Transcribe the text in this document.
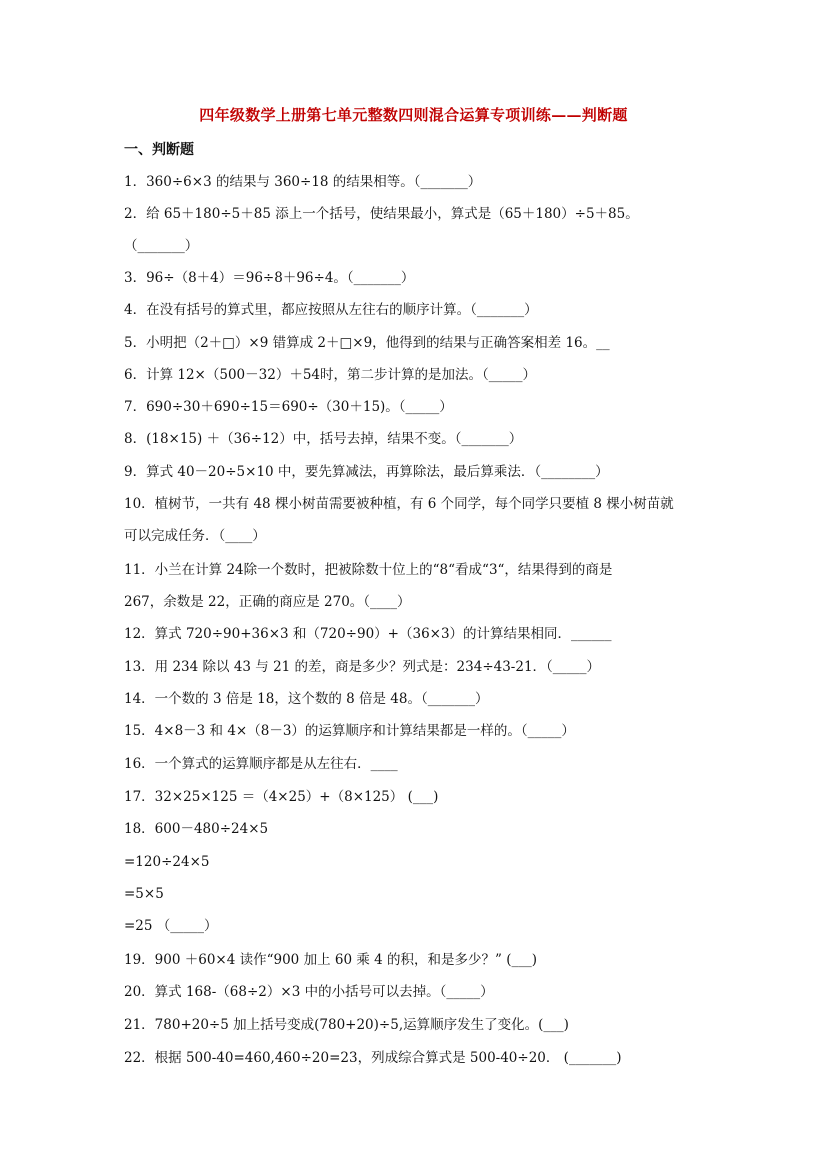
四年级数学上册第七单元整数四则混合运算专项训练——判断题
一、判断题
1．360÷6×3 的结果与 360÷18 的结果相等。（_______）
2．给 65＋180÷5＋85 添上一个括号，使结果最小，算式是（65＋180）÷5＋85。
（_______）
3．96÷（8＋4）＝96÷8＋96÷4。（_______）
4．在没有括号的算式里，都应按照从左往右的顺序计算。（_______）
5．小明把（2＋□）×9 错算成 2＋□×9，他得到的结果与正确答案相差 16。__
6．计算 12×（500－32）＋54时，第二步计算的是加法。（_____）
7．690÷30＋690÷15＝690÷（30＋15)。（_____）
8．(18×15) ＋（36÷12）中，括号去掉，结果不变。（_______）
9．算式 40－20÷5×10 中，要先算减法，再算除法，最后算乘法．（________）
10．植树节，一共有 48 棵小树苗需要被种植，有 6 个同学，每个同学只要植 8 棵小树苗就
可以完成任务．（____）
11．小兰在计算 24除一个数时，把被除数十位上的“8“看成“3“，结果得到的商是
267，余数是 22，正确的商应是 270。（____）
12．算式 720÷90+36×3 和（720÷90）+（36×3）的计算结果相同．______
13．用 234 除以 43 与 21 的差，商是多少？列式是：234÷43-21．（_____）
14．一个数的 3 倍是 18，这个数的 8 倍是 48。（_______）
15．4×8－3 和 4×（8－3）的运算顺序和计算结果都是一样的。（_____）
16．一个算式的运算顺序都是从左往右．____
17．32×25×125 ＝（4×25）+（8×125） (___)
18．600－480÷24×5
=120÷24×5
=5×5
=25 （_____）
19．900 ＋60×4 读作“900 加上 60 乘 4 的积，和是多少？” (___)
20．算式 168-（68÷2）×3 中的小括号可以去掉。（_____）
21．780+20÷5 加上括号变成(780+20)÷5,运算顺序发生了变化。(___)
22．根据 500-40=460,460÷20=23，列成综合算式是 500-40÷20． (_______)
